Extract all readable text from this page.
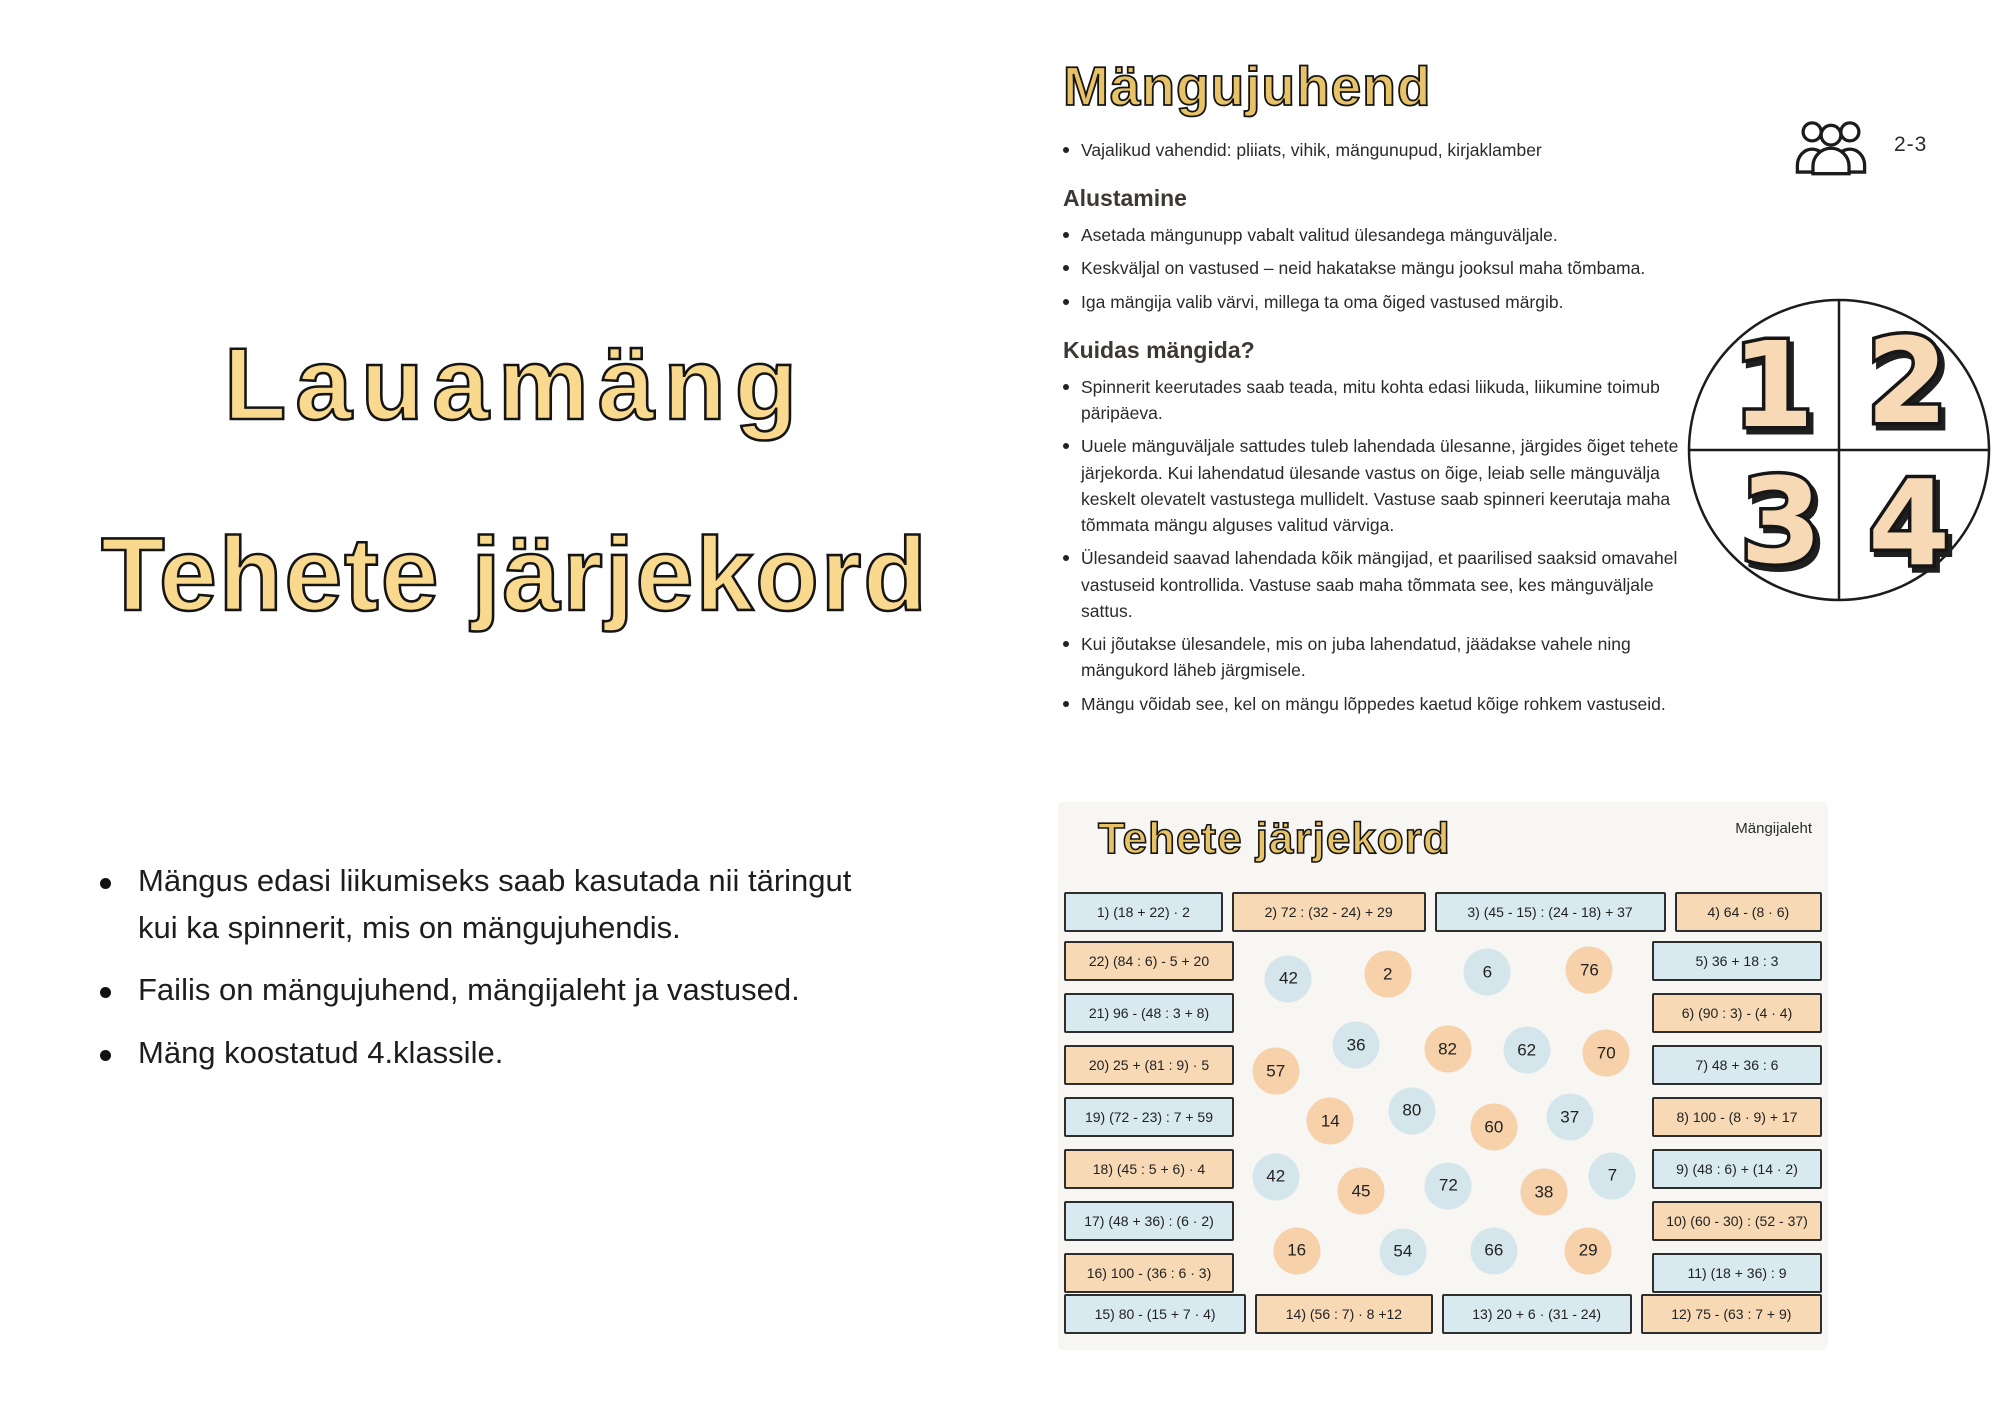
Lauamäng
Tehete järjekord
Mängus edasi liikumiseks saab kasutada nii täringut kui ka spinnerit, mis on mängujuhendis.
Failis on mängujuhend, mängijaleht ja vastused.
Mäng koostatud 4.klassile.
Mängujuhend
2-3
Vajalikud vahendid: pliiats, vihik, mängunupud, kirjaklamber
Alustamine
Asetada mängunupp vabalt valitud ülesandega mänguväljale.
Keskväljal on vastused – neid hakatakse mängu jooksul maha tõmbama.
Iga mängija valib värvi, millega ta oma õiged vastused märgib.
Kuidas mängida?
Spinnerit keerutades saab teada, mitu kohta edasi liikuda, liikumine toimub päripäeva.
Uuele mänguväljale sattudes tuleb lahendada ülesanne, järgides õiget tehete järjekorda. Kui lahendatud ülesande vastus on õige, leiab selle mänguvälja keskelt olevatelt vastustega mullidelt. Vastuse saab spinneri keerutaja maha tõmmata mängu alguses valitud värviga.
Ülesandeid saavad lahendada kõik mängijad, et paarilised saaksid omavahel vastuseid kontrollida. Vastuse saab maha tõmmata see, kes mänguväljale sattus.
Kui jõutakse ülesandele, mis on juba lahendatud, jäädakse vahele ning mängukord läheb järgmisele.
Mängu võidab see, kel on mängu lõppedes kaetud kõige rohkem vastuseid.
1 2
3 4
Tehete järjekord	Mängijaleht
1) (18 + 22) · 2	2) 72 : (32 - 24) + 29	3) (45 - 15) : (24 - 18) + 37	4) 64 - (8 · 6)
22) (84 : 6) - 5 + 20
21) 96 - (48 : 3 + 8)
20) 25 + (81 : 9) · 5
19) (72 - 23) : 7 + 59
18) (45 : 5 + 6) · 4
17) (48 + 36) : (6 · 2)
16) 100 - (36 : 6 · 3)
5) 36 + 18 : 3
6) (90 : 3) - (4 · 4)
7) 48 + 36 : 6
8) 100 - (8 · 9) + 17
9) (48 : 6) + (14 · 2)
10) (60 - 30) : (52 - 37)
11) (18 + 36) : 9
15) 80 - (15 + 7 · 4)	14) (56 : 7) · 8 +12	13) 20 + 6 · (31 - 24)	12) 75 - (63 : 7 + 9)
42	2	6	76
57
36	82	62	70
14
80
60
37
42
45	72	38
7
16	54	66	29
